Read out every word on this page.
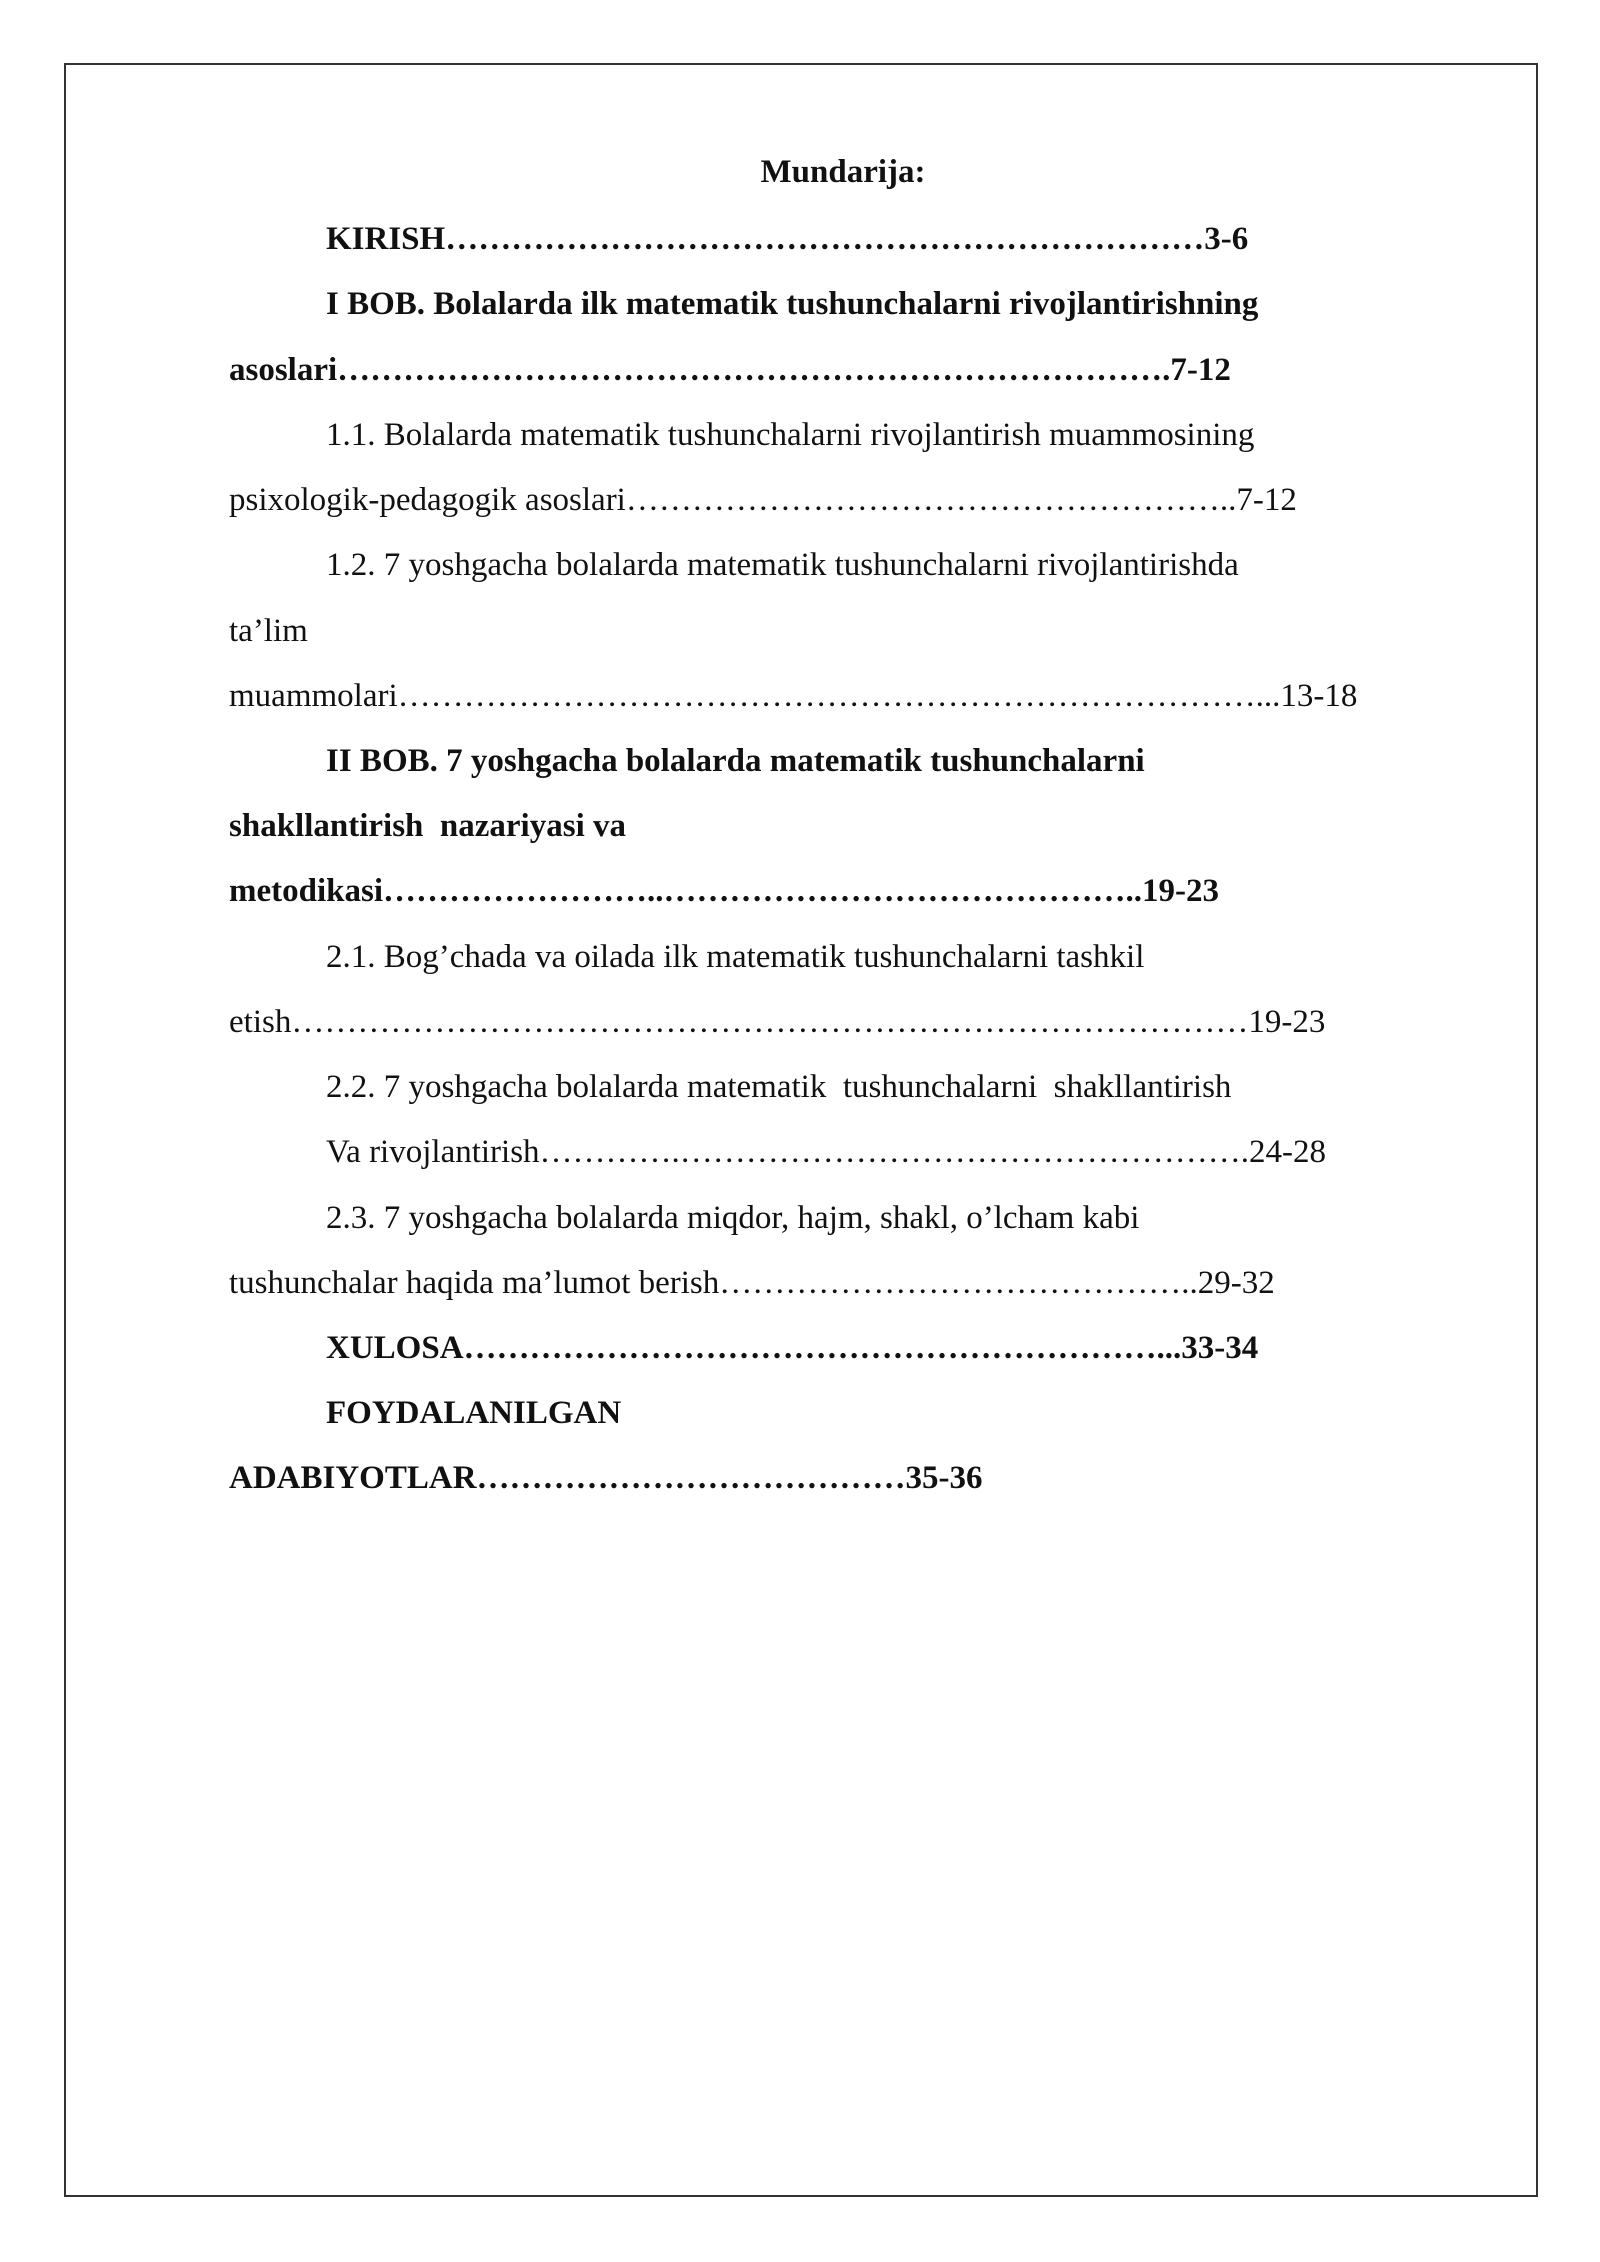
Mundarija:
KIRISH……………………………………………………………3-6
I BOB. Bolalarda ilk matematik tushunchalarni rivojlantirishning
asoslari………………………………………………………………….7-12
1.1. Bolalarda matematik tushunchalarni rivojlantirish muammosining
psixologik-pedagogik asoslari………………………………………………..7-12
1.2. 7 yoshgacha bolalarda matematik tushunchalarni rivojlantirishda
ta’lim
muammolari……………………………………………………………………...13-18
II BOB. 7 yoshgacha bolalarda matematik tushunchalarni
shakllantirish  nazariyasi va
metodikasi……………………..……………………………………..19-23
2.1. Bog’chada va oilada ilk matematik tushunchalarni tashkil
etish……………………………………………………………………………19-23
2.2. 7 yoshgacha bolalarda matematik  tushunchalarni  shakllantirish
Va rivojlantirish………….…………………………………………….24-28
2.3. 7 yoshgacha bolalarda miqdor, hajm, shakl, o’lcham kabi
tushunchalar haqida ma’lumot berish……………………………………..29-32
XULOSA………………………………………………………...33-34
FOYDALANILGAN
ADABIYOTLAR…………………………………35-36
